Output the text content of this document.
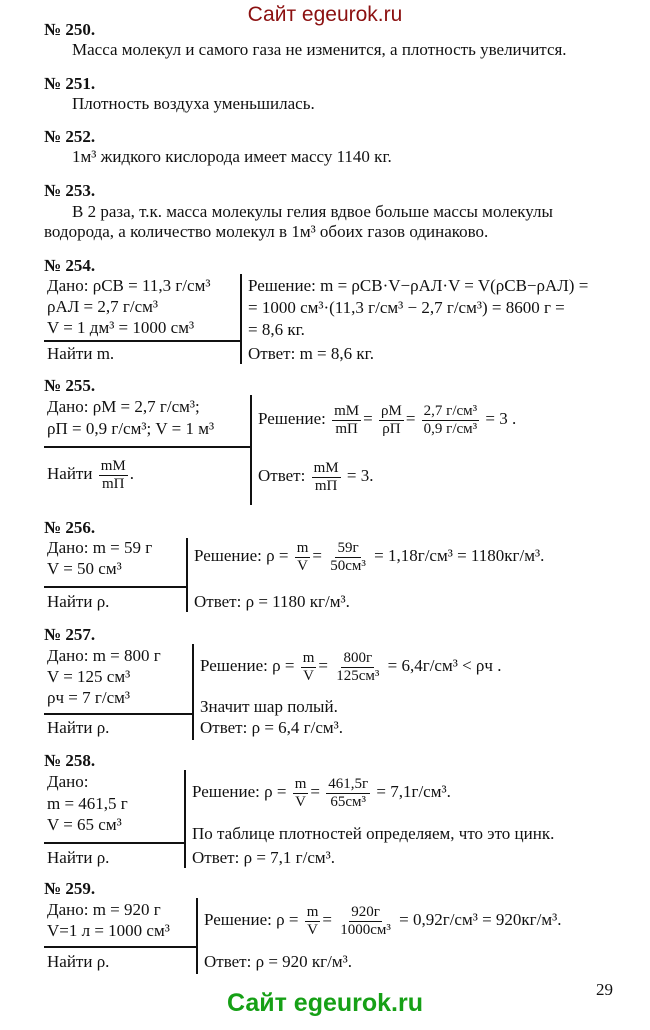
Сайт egeurok.ru
№ 250.
Масса молекул и самого газа не изменится, а плотность увеличится.
№ 251.
Плотность воздуха уменьшилась.
№ 252.
1м³ жидкого кислорода имеет массу 1140 кг.
№ 253.
В 2 раза, т.к. масса молекулы гелия вдвое больше массы молекулы
водорода, а количество молекул в 1м³ обоих газов одинаково.
№ 254.
Дано: ρСВ = 11,3 г/см³
ρАЛ = 2,7 г/см³
V = 1 дм³ = 1000 см³
Найти m.
Решение: m = ρСВ·V−ρАЛ·V = V(ρСВ−ρАЛ) =
= 1000 см³·(11,3 г/см³ − 2,7 г/см³) = 8600 г =
= 8,6 кг.
Ответ: m = 8,6 кг.
№ 255.
Дано: ρМ = 2,7 г/см³;
ρП = 0,9 г/см³; V = 1 м³
Найти $\frac{mМ}{mП}$ .
Решение: $\frac{mМ}{mП} = \frac{\rho М}{\rho П} = \frac{\text{2,7 г/см³}}{\text{0,9 г/см³}} = 3$ .
Ответ: $\frac{mМ}{mП} = 3$.
№ 256.
Дано: m = 59 г
V = 50 см³
Найти ρ.
Решение: $\rho = \frac{m}{V} = \frac{59г}{\text{50см³}} = 1,18г/см^3 = 1180кг/м^3$.
Ответ: ρ = 1180 кг/м³.
№ 257.
Дано: m = 800 г
V = 125 см³
ρч = 7 г/см³
Найти ρ.
Решение: $\rho = \frac{m}{V} = \frac{800г}{\text{125см³}} = 6,4г/см^3 < \rho ч$ .
Значит шар полый.
Ответ: ρ = 6,4 г/см³.
№ 258.
Дано:
m = 461,5 г
V = 65 см³
Найти ρ.
Решение: $\rho = \frac{m}{V} = \frac{461,5г}{\text{65см³}} = 7,1г/см^3$.
По таблице плотностей определяем, что это цинк.
Ответ: ρ = 7,1 г/см³.
№ 259.
Дано: m = 920 г
V=1 л = 1000 см³
Найти ρ.
Решение: $\rho = \frac{m}{V} = \frac{920г}{\text{1000см³}} = 0,92г/см^3 = 920кг/м^3$.
Ответ: ρ = 920 кг/м³.
29
Сайт egeurok.ru
